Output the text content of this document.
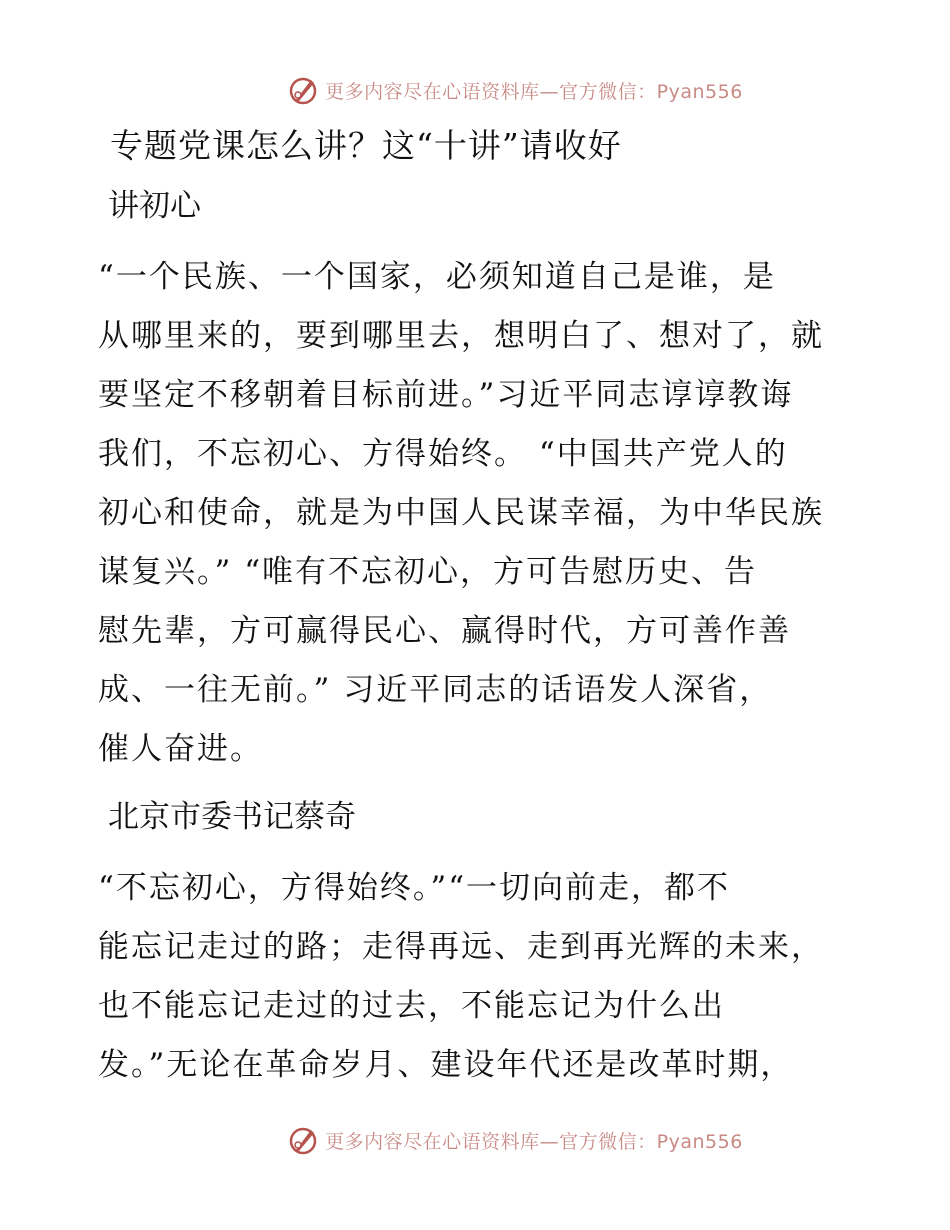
更多内容尽在心语资料库—官方微信：Pyan556
专题党课怎么讲？这“十讲”请收好
讲初心

“一个民族、一个国家，必须知道自己是谁，是

从哪里来的，要到哪里去，想明白了、想对了，就

要坚定不移朝着目标前进。”习近平同志谆谆教诲

我们，不忘初心、方得始终。 “中国共产党人的

初心和使命，就是为中国人民谋幸福，为中华民族

谋复兴。” “唯有不忘初心，方可告慰历史、告

慰先辈，方可赢得民心、赢得时代，方可善作善

成、一往无前。” 习近平同志的话语发人深省，

催人奋进。

北京市委书记蔡奇

“不忘初心，方得始终。”“一切向前走，都不

能忘记走过的路；走得再远、走到再光辉的未来，

也不能忘记走过的过去，不能忘记为什么出

发。”无论在革命岁月、建设年代还是改革时期，

更多内容尽在心语资料库—官方微信：Pyan556
